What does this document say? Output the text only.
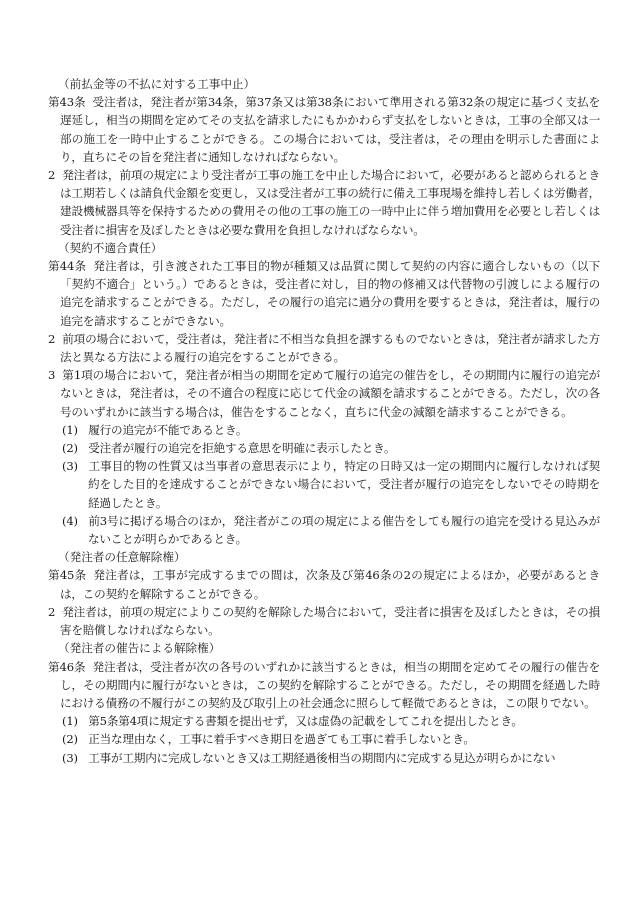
（前払金等の不払に対する工事中止）
第43条 受注者は，発注者が第34条，第37条又は第38条において準用される第32条の規定に基づく支払を遅延し，相当の期間を定めてその支払を請求したにもかかわらず支払をしないときは，工事の全部又は一部の施工を一時中止することができる。この場合においては，受注者は，その理由を明示した書面により，直ちにその旨を発注者に通知しなければならない。
2 発注者は，前項の規定により受注者が工事の施工を中止した場合において，必要があると認められるときは工期若しくは請負代金額を変更し，又は受注者が工事の続行に備え工事現場を維持し若しくは労働者，建設機械器具等を保持するための費用その他の工事の施工の一時中止に伴う増加費用を必要とし若しくは受注者に損害を及ぼしたときは必要な費用を負担しなければならない。
（契約不適合責任）
第44条 発注者は，引き渡された工事目的物が種類又は品質に関して契約の内容に適合しないもの（以下「契約不適合」という。）であるときは，受注者に対し，目的物の修補又は代替物の引渡しによる履行の追完を請求することができる。ただし，その履行の追完に過分の費用を要するときは，発注者は，履行の追完を請求することができない。
2 前項の場合において，受注者は，発注者に不相当な負担を課するものでないときは，発注者が請求した方法と異なる方法による履行の追完をすることができる。
3 第1項の場合において，発注者が相当の期間を定めて履行の追完の催告をし，その期間内に履行の追完がないときは，発注者は，その不適合の程度に応じて代金の減額を請求することができる。ただし，次の各号のいずれかに該当する場合は，催告をすることなく，直ちに代金の減額を請求することができる。
(1) 履行の追完が不能であるとき。
(2) 受注者が履行の追完を拒絶する意思を明確に表示したとき。
(3) 工事目的物の性質又は当事者の意思表示により，特定の日時又は一定の期間内に履行しなければ契約をした目的を達成することができない場合において，受注者が履行の追完をしないでその時期を経過したとき。
(4) 前3号に掲げる場合のほか，発注者がこの項の規定による催告をしても履行の追完を受ける見込みがないことが明らかであるとき。
（発注者の任意解除権）
第45条 発注者は，工事が完成するまでの間は，次条及び第46条の2の規定によるほか，必要があるときは，この契約を解除することができる。
2 発注者は，前項の規定によりこの契約を解除した場合において，受注者に損害を及ぼしたときは，その損害を賠償しなければならない。
（発注者の催告による解除権）
第46条 発注者は，受注者が次の各号のいずれかに該当するときは，相当の期間を定めてその履行の催告をし，その期間内に履行がないときは，この契約を解除することができる。ただし，その期間を経過した時における債務の不履行がこの契約及び取引上の社会通念に照らして軽微であるときは，この限りでない。
(1) 第5条第4項に規定する書類を提出せず，又は虚偽の記載をしてこれを提出したとき。
(2) 正当な理由なく，工事に着手すべき期日を過ぎても工事に着手しないとき。
(3) 工事が工期内に完成しないとき又は工期経過後相当の期間内に完成する見込が明らかにない
